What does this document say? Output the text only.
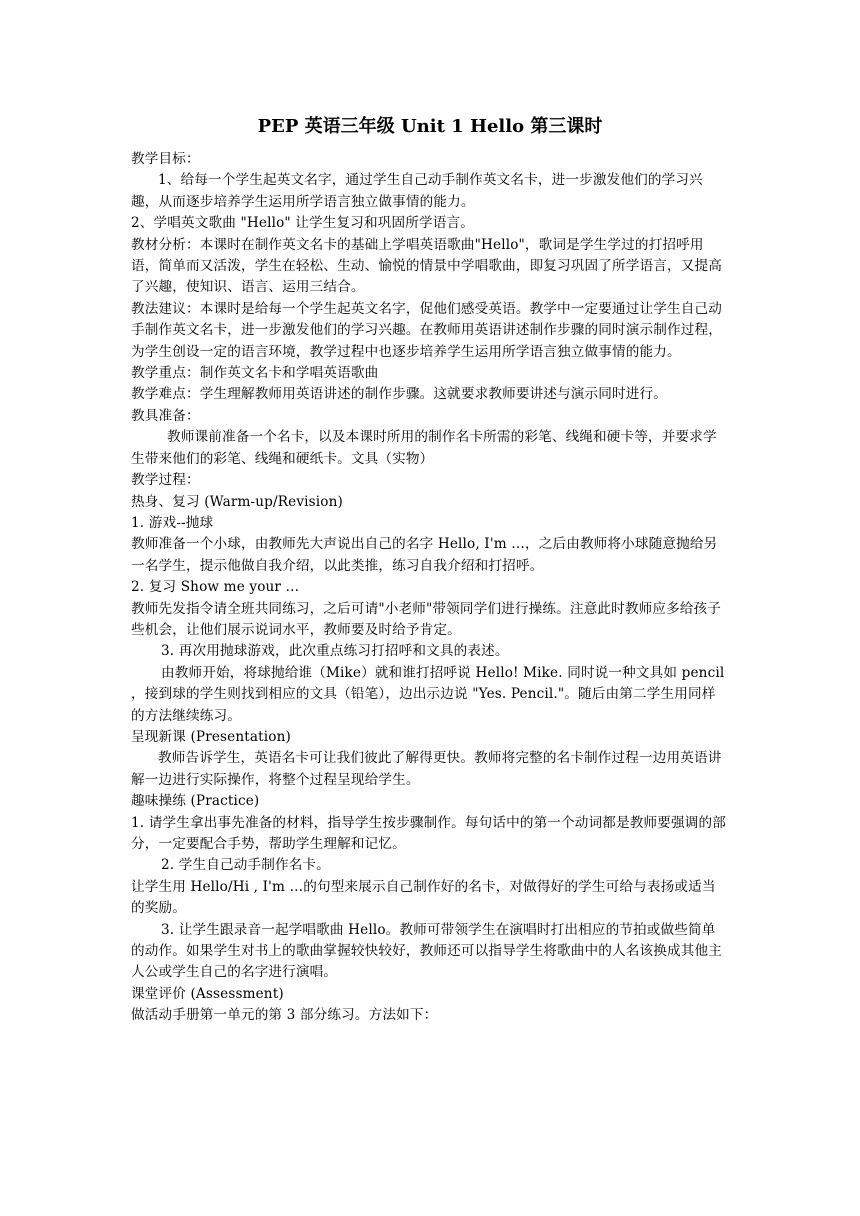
PEP 英语三年级 Unit 1 Hello 第三课时

教学目标：

1、给每一个学生起英文名字，通过学生自己动手制作英文名卡，进一步激发他们的学习兴趣，从而逐步培养学生运用所学语言独立做事情的能力。

2、学唱英文歌曲 "Hello" 让学生复习和巩固所学语言。

教材分析：本课时在制作英文名卡的基础上学唱英语歌曲"Hello"，歌词是学生学过的打招呼用语，简单而又活泼，学生在轻松、生动、愉悦的情景中学唱歌曲，即复习巩固了所学语言，又提高了兴趣，使知识、语言、运用三结合。

教法建议：本课时是给每一个学生起英文名字，促他们感受英语。教学中一定要通过让学生自己动手制作英文名卡，进一步激发他们的学习兴趣。在教师用英语讲述制作步骤的同时演示制作过程，为学生创设一定的语言环境，教学过程中也逐步培养学生运用所学语言独立做事情的能力。

教学重点：制作英文名卡和学唱英语歌曲

教学难点：学生理解教师用英语讲述的制作步骤。这就要求教师要讲述与演示同时进行。

教具准备：

教师课前准备一个名卡，以及本课时所用的制作名卡所需的彩笔、线绳和硬卡等，并要求学生带来他们的彩笔、线绳和硬纸卡。文具（实物）

教学过程：

热身、复习 (Warm-up/Revision)

1. 游戏--抛球

教师准备一个小球，由教师先大声说出自己的名字 Hello, I'm …，之后由教师将小球随意抛给另一名学生，提示他做自我介绍，以此类推，练习自我介绍和打招呼。

2. 复习 Show me your …

教师先发指令请全班共同练习，之后可请"小老师"带领同学们进行操练。注意此时教师应多给孩子些机会，让他们展示说词水平，教师要及时给予肯定。

3. 再次用抛球游戏，此次重点练习打招呼和文具的表述。

由教师开始，将球抛给谁（Mike）就和谁打招呼说 Hello! Mike. 同时说一种文具如 pencil ，接到球的学生则找到相应的文具（铅笔），边出示边说 "Yes. Pencil."。随后由第二学生用同样的方法继续练习。

呈现新课 (Presentation)

教师告诉学生，英语名卡可让我们彼此了解得更快。教师将完整的名卡制作过程一边用英语讲解一边进行实际操作，将整个过程呈现给学生。

趣味操练 (Practice)

1. 请学生拿出事先准备的材料，指导学生按步骤制作。每句话中的第一个动词都是教师要强调的部分，一定要配合手势，帮助学生理解和记忆。

2. 学生自己动手制作名卡。

让学生用 Hello/Hi , I'm …的句型来展示自己制作好的名卡，对做得好的学生可给与表扬或适当的奖励。

3. 让学生跟录音一起学唱歌曲 Hello。教师可带领学生在演唱时打出相应的节拍或做些简单的动作。如果学生对书上的歌曲掌握较快较好，教师还可以指导学生将歌曲中的人名该换成其他主人公或学生自己的名字进行演唱。

课堂评价 (Assessment)

做活动手册第一单元的第 3 部分练习。方法如下：
